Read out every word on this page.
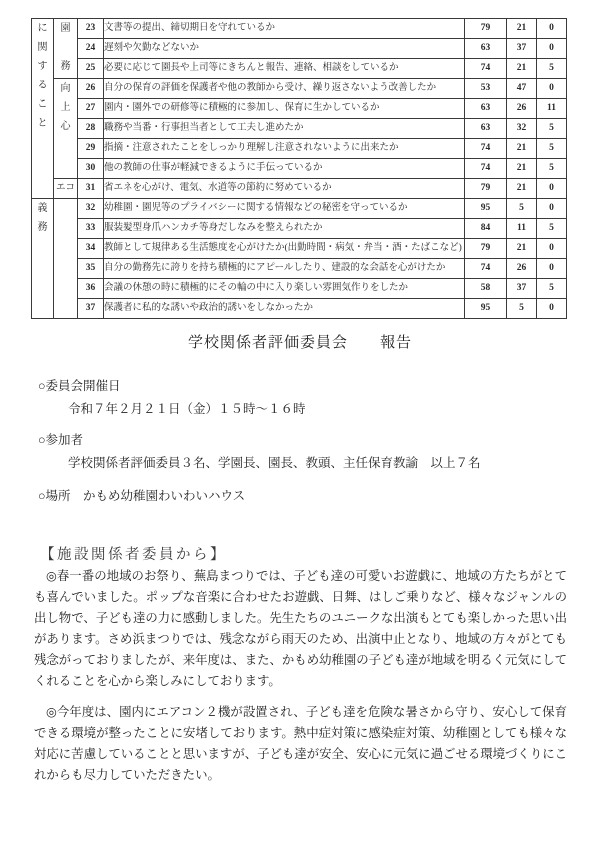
に
関
す
る
こ
と

園
務
	23	文書等の提出、締切期日を守れているか	79	21	0
		24	遅刻や欠勤などないか	63	37	0
		25	必要に応じて園長や上司等にきちんと報告、連絡、相談をしているか	74	21	5

向
上
心	26	自分の保育の評価を保護者や他の教師から受け、繰り返さないよう改善したか	53	47	0
		27	園内・園外での研修等に積極的に参加し、保育に生かしているか	63	26	11
		28	職務や当番・行事担当者として工夫し進めたか	63	32	5
		29	指摘・注意されたことをしっかり理解し注意されないように出来たか	74	21	5
		30	他の教師の仕事が軽減できるように手伝っているか	74	21	5
	エコ	31	省エネを心がけ、電気、水道等の節約に努めているか	79	21	0

義
務		32	幼稚園・園児等のプライバシーに関する情報などの秘密を守っているか	95	5	0
		33	服装髪型身爪ハンカチ等身だしなみを整えられたか	84	11	5
		34	教師として規律ある生活態度を心がけたか(出勤時間・病気・弁当・酒・たばこなど)	79	21	0
		35	自分の勤務先に誇りを持ち積極的にアピールしたり、建設的な会話を心がけたか	74	26	0
		36	会議の休憩の時に積極的にその輪の中に入り楽しい雰囲気作りをしたか	58	37	5
		37	保護者に私的な誘いや政治的誘いをしなかったか	95	5	0
学校関係者評価委員会　　報告
○委員会開催日
令和７年２月２１日（金）１５時～１６時
○参加者
学校関係者評価委員３名、学園長、園長、教頭、主任保育教諭　以上７名
○場所　かもめ幼稚園わいわいハウス
【施設関係者委員から】

◎春一番の地域のお祭り、蕪島まつりでは、子ども達の可愛いお遊戯に、地域の方たちがとても喜んでいました。ポップな音楽に合わせたお遊戯、日舞、はしご乗りなど、様々なジャンルの出し物で、子ども達の力に感動しました。先生たちのユニークな出演もとても楽しかった思い出があります。さめ浜まつりでは、残念ながら雨天のため、出演中止となり、地域の方々がとても残念がっておりましたが、来年度は、また、かもめ幼稚園の子ども達が地域を明るく元気にしてくれることを心から楽しみにしております。

◎今年度は、園内にエアコン２機が設置され、子ども達を危険な暑さから守り、安心して保育できる環境が整ったことに安堵しております。熱中症対策に感染症対策、幼稚園としても様々な対応に苦慮していることと思いますが、子ども達が安全、安心に元気に過ごせる環境づくりにこれからも尽力していただきたい。
